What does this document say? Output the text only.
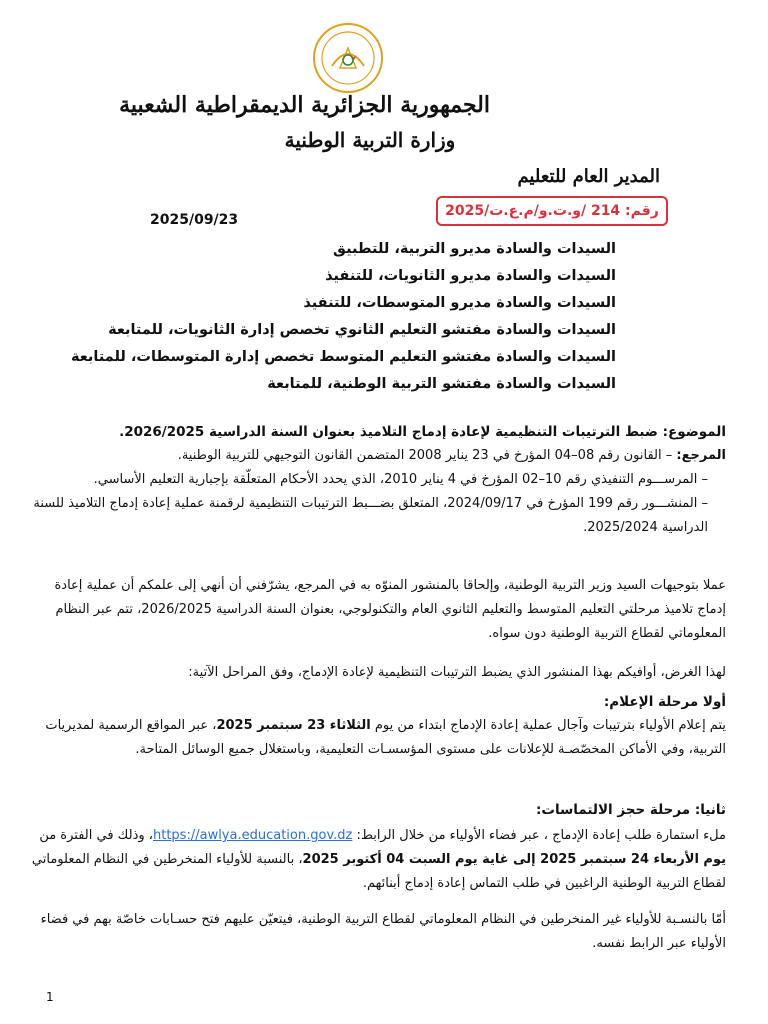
الجمهورية الجزائرية الديمقراطية الشعبية
وزارة التربية الوطنية
المدير العام للتعليم
رقم: 214 /و.ت.و/م.ع.ت/2025
2025/09/23
السيدات والسادة مديرو التربية، للتطبيق
السيدات والسادة مديرو الثانويات، للتنفيذ
السيدات والسادة مديرو المتوسطات، للتنفيذ
السيدات والسادة مفتشو التعليم الثانوي تخصص إدارة الثانويات، للمتابعة
السيدات والسادة مفتشو التعليم المتوسط تخصص إدارة المتوسطات، للمتابعة
السيدات والسادة مفتشو التربية الوطنية، للمتابعة
الموضوع: ضبط الترتيبات التنظيمية لإعادة إدماج التلاميذ بعنوان السنة الدراسية 2026/2025.
المرجع: – القانون رقم 08–04 المؤرخ في 23 يناير 2008 المتضمن القانون التوجيهي للتربية الوطنية.
– المرســـوم التنفيذي رقم 10–02 المؤرخ في 4 يناير 2010، الذي يحدد الأحكام المتعلّقة بإجبارية التعليم الأساسي.
– المنشـــور رقم 199 المؤرخ في 2024/09/17، المتعلق بضـــبط الترتيبات التنظيمية لرقمنة عملية إعادة إدماج التلاميذ للسنة الدراسية 2025/2024.
عملا بتوجيهات السيد وزير التربية الوطنية، وإلحاقا بالمنشور المنوّه به في المرجع، يشرّفني أن أنهي إلى علمكم أن عملية إعادة إدماج تلاميذ مرحلتي التعليم المتوسط والتعليم الثانوي العام والتكنولوجي، بعنوان السنة الدراسية 2026/2025، تتم عبر النظام المعلوماتي لقطاع التربية الوطنية دون سواه.
لهذا الغرض، أوافيكم بهذا المنشور الذي يضبط الترتيبات التنظيمية لإعادة الإدماج، وفق المراحل الآتية:
أولا مرحلة الإعلام:
يتم إعلام الأولياء بترتيبات وآجال عملية إعادة الإدماج ابتداء من يوم الثلاثاء 23 سبتمبر 2025، عبر المواقع الرسمية لمديريات التربية، وفي الأماكن المخصّصـة للإعلانات على مستوى المؤسسـات التعليمية، وباستغلال جميع الوسائل المتاحة.
ثانيا: مرحلة حجز الالتماسات:
ملء استمارة طلب إعادة الإدماج ، عبر فضاء الأولياء من خلال الرابط: https://awlya.education.gov.dz، وذلك في الفترة من يوم الأربعاء 24 سبتمبر 2025 إلى غاية يوم السبت 04 أكتوبر 2025، بالنسبة للأولياء المنخرطين في النظام المعلوماتي لقطاع التربية الوطنية الراغبين في طلب التماس إعادة إدماج أبنائهم.
أمّا بالنسـبة للأولياء غير المنخرطين في النظام المعلوماتي لقطاع التربية الوطنية، فيتعيّن عليهم فتح حسـابات خاصّة بهم في فضاء الأولياء عبر الرابط نفسه.
1
